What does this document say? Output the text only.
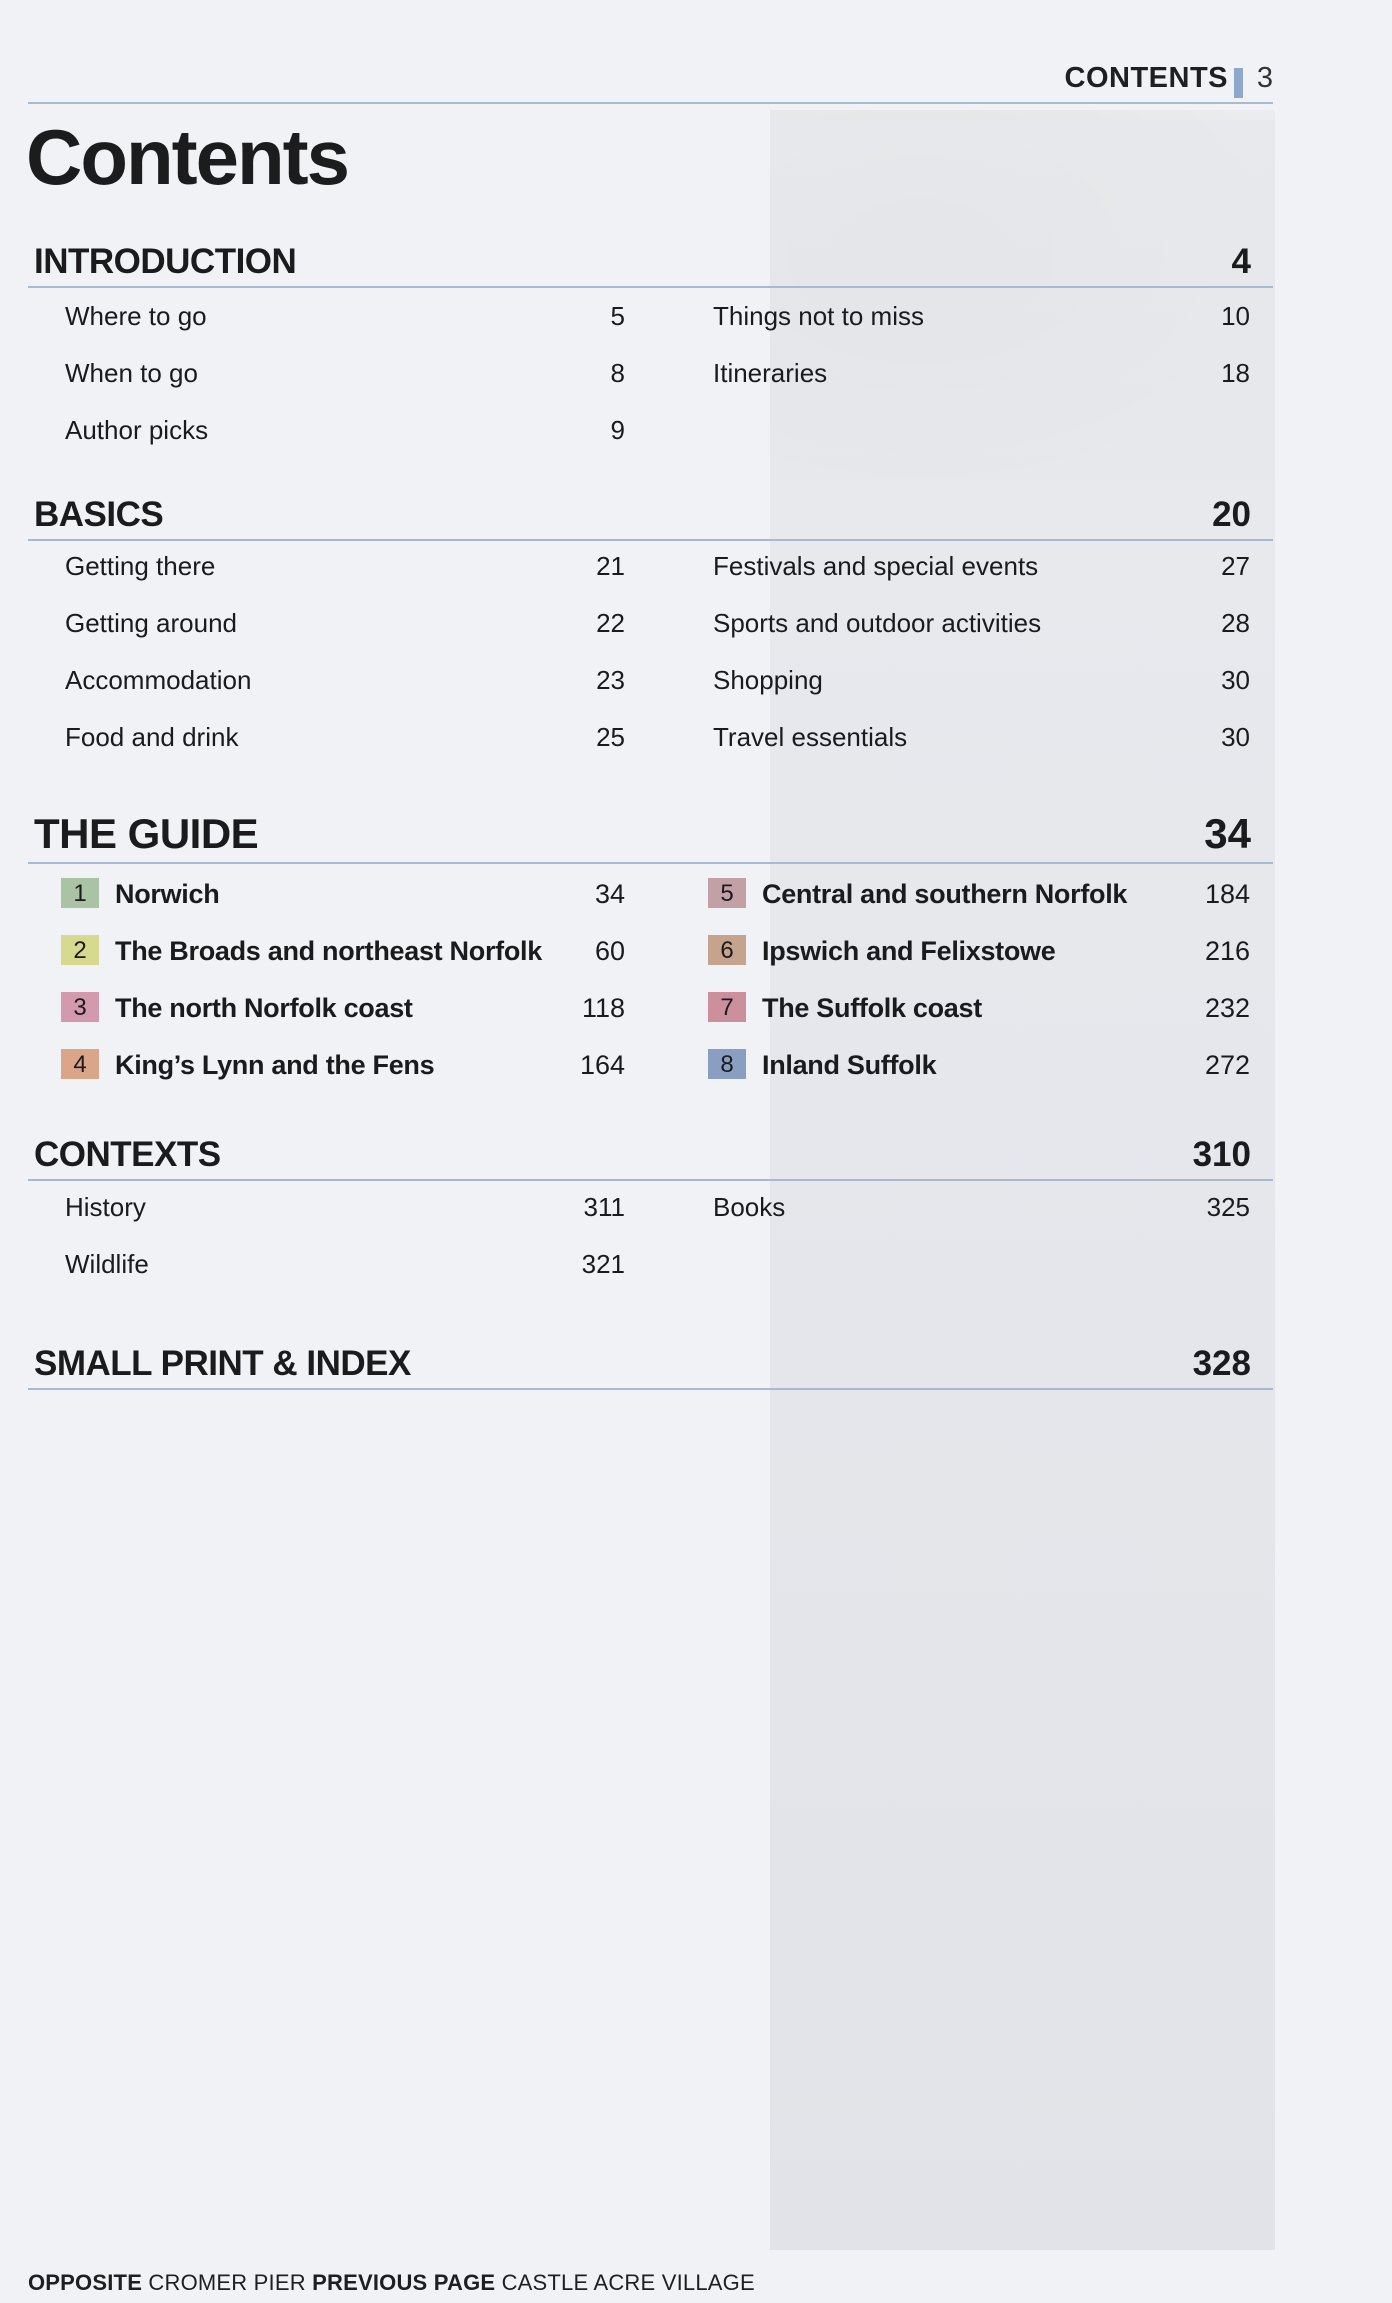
CONTENTS 3
Contents
INTRODUCTION	4
Where to go	5
When to go	8
Author picks	9
Things not to miss	10
Itineraries	18
BASICS	20
Getting there	21
Getting around	22
Accommodation	23
Food and drink	25
Festivals and special events	27
Sports and outdoor activities	28
Shopping	30
Travel essentials	30
THE GUIDE	34
1	Norwich	34
2	The Broads and northeast Norfolk 60
3	The north Norfolk coast	118
4	King’s Lynn and the Fens	164
5	Central and southern Norfolk	184
6	Ipswich and Felixstowe	216
7	The Suffolk coast	232
8	Inland Suffolk	272
CONTEXTS	310
History	311
Wildlife	321
Books	325
SMALL PRINT & INDEX	328
OPPOSITE CROMER PIER PREVIOUS PAGE CASTLE ACRE VILLAGE
